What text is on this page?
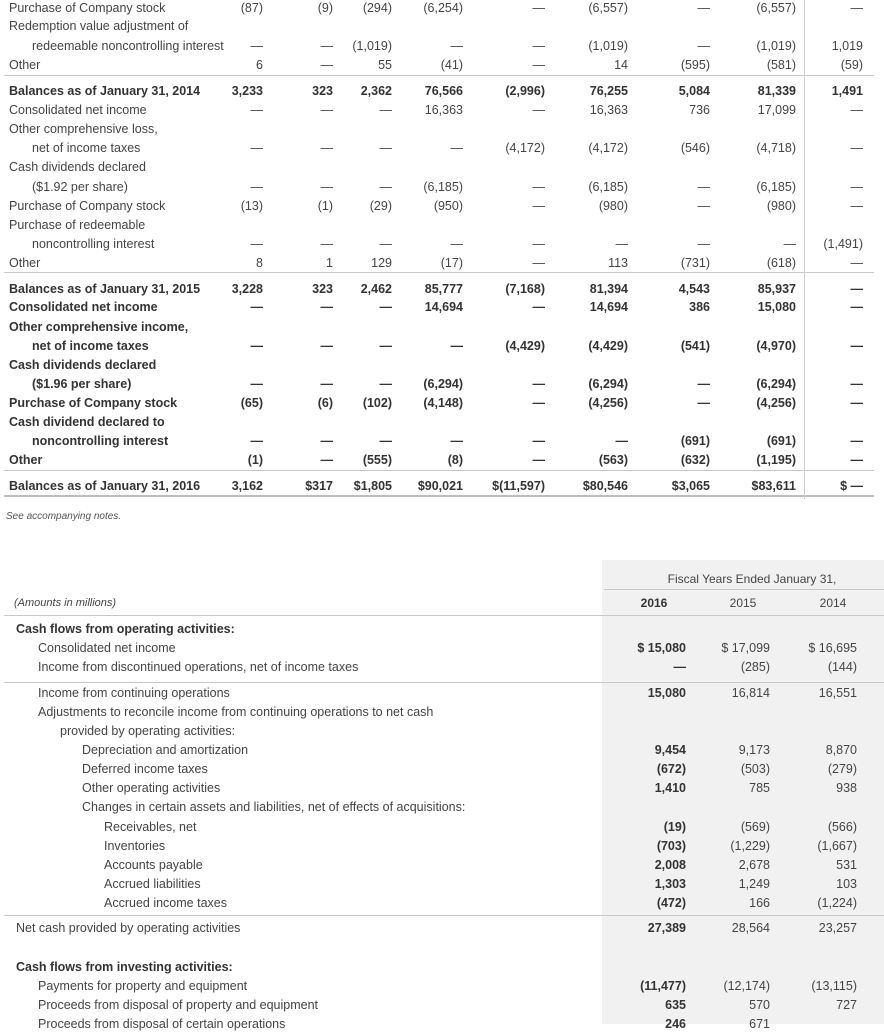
Purchase of Company stock	(87)	(9)	(294)	(6,254)	—	(6,557)	—	(6,557)	—
Redemption value adjustment of
redeemable noncontrolling interest	—	—	(1,019)	—	—	(1,019)	—	(1,019)	1,019
Other	6	—	55	(41)	—	14	(595)	(581)	(59)
Balances as of January 31, 2014	3,233	323	2,362	76,566	(2,996)	76,255	5,084	81,339	1,491
Consolidated net income	—	—	—	16,363	—	16,363	736	17,099	—
Other comprehensive loss,
net of income taxes	—	—	—	—	(4,172)	(4,172)	(546)	(4,718)	—
Cash dividends declared
($1.92 per share)	—	—	—	(6,185)	—	(6,185)	—	(6,185)	—
Purchase of Company stock	(13)	(1)	(29)	(950)	—	(980)	—	(980)	—
Purchase of redeemable
noncontrolling interest	—	—	—	—	—	—	—	—	(1,491)
Other	8	1	129	(17)	—	113	(731)	(618)	—
Balances as of January 31, 2015	3,228	323	2,462	85,777	(7,168)	81,394	4,543	85,937	—
Consolidated net income	—	—	—	14,694	—	14,694	386	15,080	—
Other comprehensive income,
net of income taxes	—	—	—	—	(4,429)	(4,429)	(541)	(4,970)	—
Cash dividends declared
($1.96 per share)	—	—	—	(6,294)	—	(6,294)	—	(6,294)	—
Purchase of Company stock	(65)	(6)	(102)	(4,148)	—	(4,256)	—	(4,256)	—
Cash dividend declared to
noncontrolling interest	—	—	—	—	—	—	(691)	(691)	—
Other	(1)	—	(555)	(8)	—	(563)	(632)	(1,195)	—
Balances as of January 31, 2016	3,162	$317	$1,805	$90,021	$(11,597)	$80,546	$3,065	$83,611	$ —
See accompanying notes.
Fiscal Years Ended January 31,
(Amounts in millions)	2016	2015	2014
Cash flows from operating activities:
Consolidated net income	$ 15,080	$ 17,099	$ 16,695
Income from discontinued operations, net of income taxes	—	(285)	(144)
Income from continuing operations	15,080	16,814	16,551
Adjustments to reconcile income from continuing operations to net cash
provided by operating activities:
Depreciation and amortization	9,454	9,173	8,870
Deferred income taxes	(672)	(503)	(279)
Other operating activities	1,410	785	938
Changes in certain assets and liabilities, net of effects of acquisitions:
Receivables, net	(19)	(569)	(566)
Inventories	(703)	(1,229)	(1,667)
Accounts payable	2,008	2,678	531
Accrued liabilities	1,303	1,249	103
Accrued income taxes	(472)	166	(1,224)
Net cash provided by operating activities	27,389	28,564	23,257
Cash flows from investing activities:
Payments for property and equipment	(11,477)	(12,174)	(13,115)
Proceeds from disposal of property and equipment	635	570	727
Proceeds from disposal of certain operations	246	671
